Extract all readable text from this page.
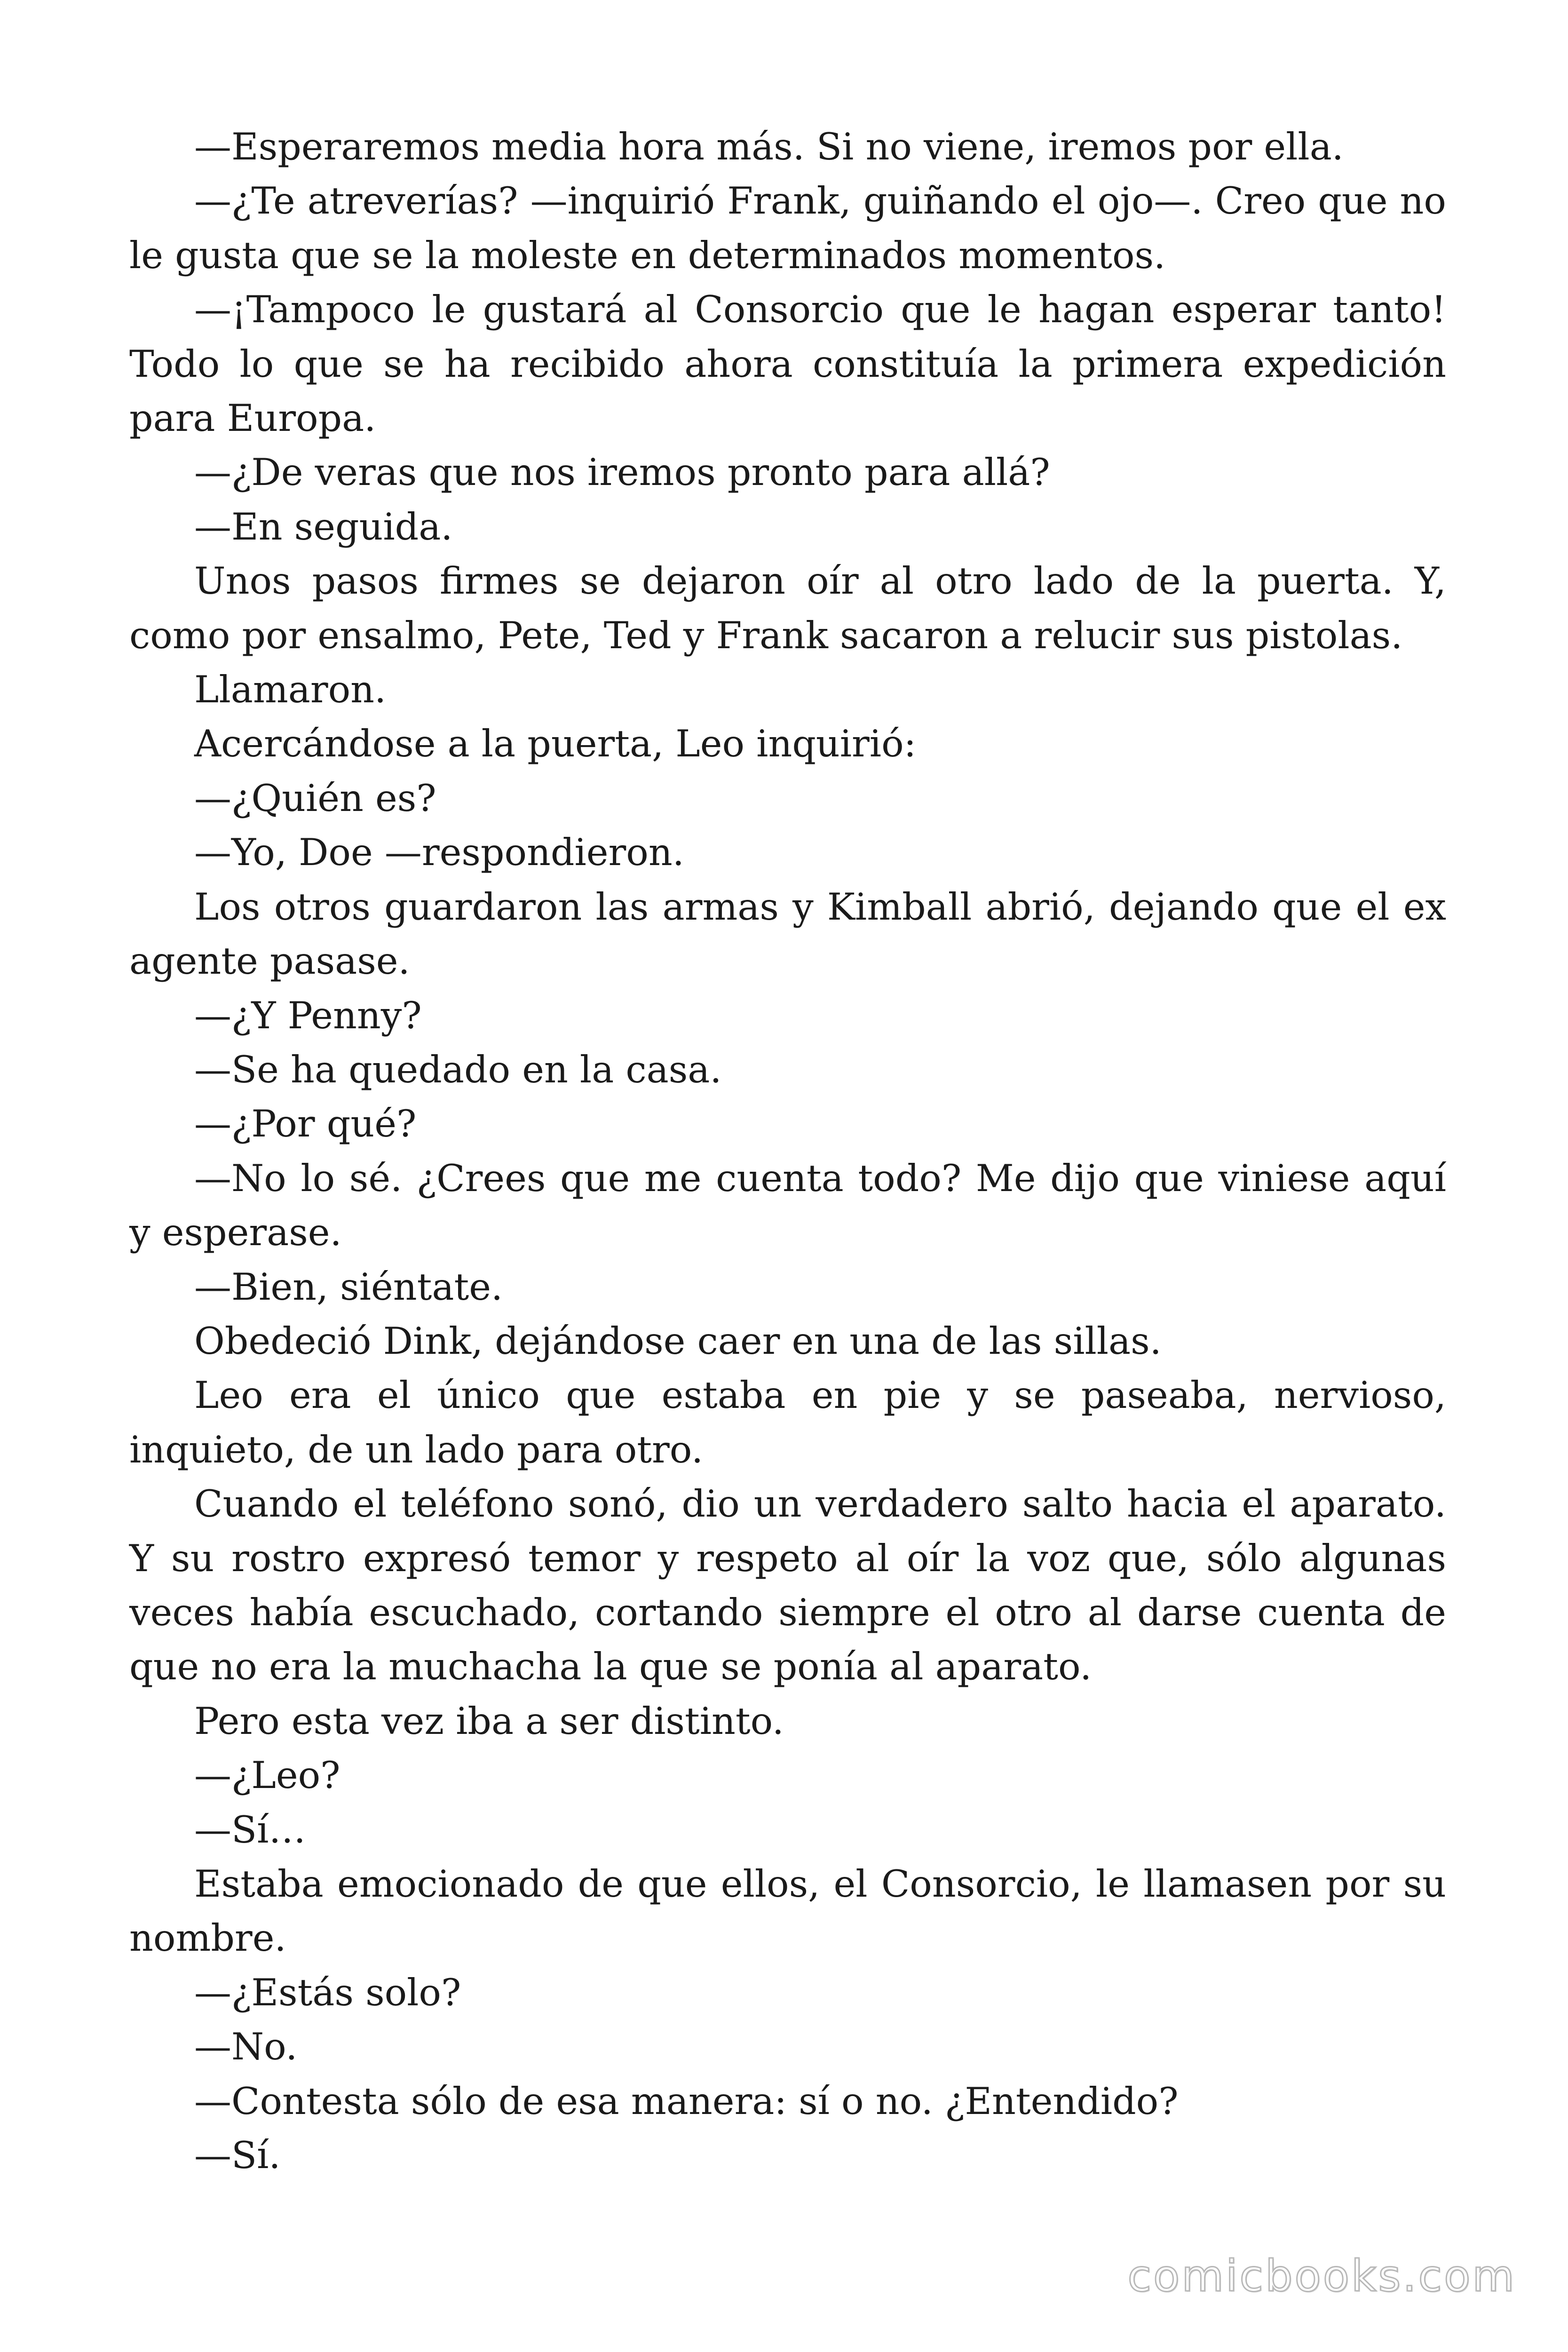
—Esperaremos media hora más. Si no viene, iremos por ella.

—¿Te atreverías? —inquirió Frank, guiñando el ojo—. Creo que no le gusta que se la moleste en determinados momentos.

—¡Tampoco le gustará al Consorcio que le hagan esperar tanto! Todo lo que se ha recibido ahora constituía la primera expedición para Europa.

—¿De veras que nos iremos pronto para allá?

—En seguida.

Unos pasos firmes se dejaron oír al otro lado de la puerta. Y, como por ensalmo, Pete, Ted y Frank sacaron a relucir sus pistolas.

Llamaron.

Acercándose a la puerta, Leo inquirió:

—¿Quién es?

—Yo, Doe —respondieron.

Los otros guardaron las armas y Kimball abrió, dejando que el ex agente pasase.

—¿Y Penny?

—Se ha quedado en la casa.

—¿Por qué?

—No lo sé. ¿Crees que me cuenta todo? Me dijo que viniese aquí y esperase.

—Bien, siéntate.

Obedeció Dink, dejándose caer en una de las sillas.

Leo era el único que estaba en pie y se paseaba, nervioso, inquieto, de un lado para otro.

Cuando el teléfono sonó, dio un verdadero salto hacia el aparato. Y su rostro expresó temor y respeto al oír la voz que, sólo algunas veces había escuchado, cortando siempre el otro al darse cuenta de que no era la muchacha la que se ponía al aparato.

Pero esta vez iba a ser distinto.

—¿Leo?

—Sí…

Estaba emocionado de que ellos, el Consorcio, le llamasen por su nombre.

—¿Estás solo?

—No.

—Contesta sólo de esa manera: sí o no. ¿Entendido?

—Sí.

comicbooks.com
